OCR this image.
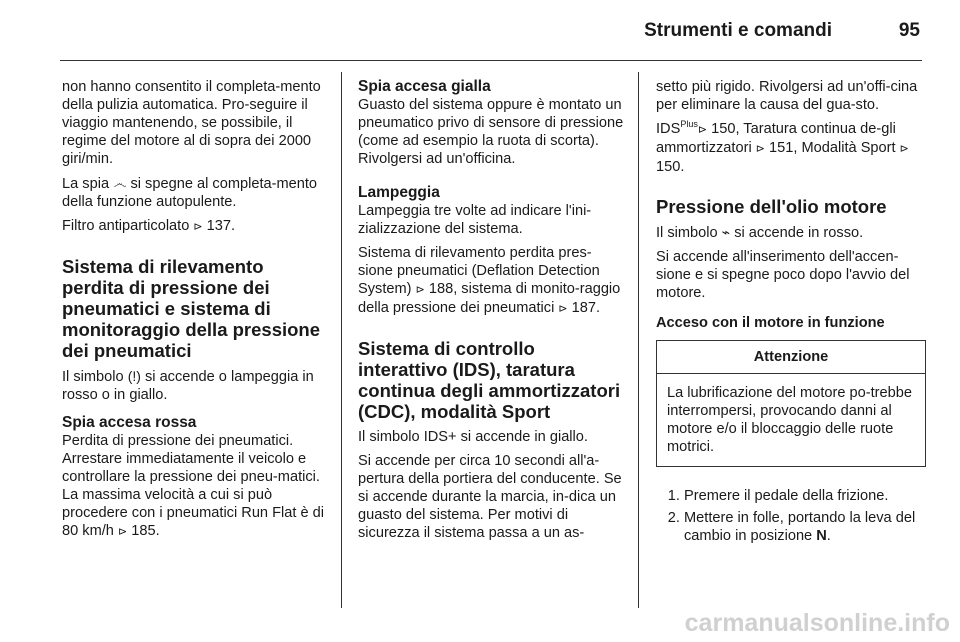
Strumenti e comandi	95

non hanno consentito il completa-mento della pulizia automatica. Pro-seguire il viaggio mantenendo, se possibile, il regime del motore al di sopra dei 2000 giri/min.

La spia ෴ si spegne al completa-mento della funzione autopulente.

Filtro antiparticolato ⊳ 137.

Sistema di rilevamento perdita di pressione dei pneumatici e sistema di monitoraggio della pressione dei pneumatici

Il simbolo (!) si accende o lampeggia in rosso o in giallo.

Spia accesa rossa

Perdita di pressione dei pneumatici. Arrestare immediatamente il veicolo e controllare la pressione dei pneu-matici. La massima velocità a cui si può procedere con i pneumatici Run Flat è di 80 km/h ⊳ 185.

Spia accesa gialla

Guasto del sistema oppure è montato un pneumatico privo di sensore di pressione (come ad esempio la ruota di scorta). Rivolgersi ad un'officina.

Lampeggia

Lampeggia tre volte ad indicare l'ini-zializzazione del sistema.

Sistema di rilevamento perdita pres-sione pneumatici (Deflation Detection System) ⊳ 188, sistema di monito-raggio della pressione dei pneumatici ⊳ 187.

Sistema di controllo interattivo (IDS), taratura continua degli ammortizzatori (CDC), modalità Sport

Il simbolo IDS+ si accende in giallo.

Si accende per circa 10 secondi all'a-pertura della portiera del conducente. Se si accende durante la marcia, in-dica un guasto del sistema. Per motivi di sicurezza il sistema passa a un as-

setto più rigido. Rivolgersi ad un'offi-cina per eliminare la causa del gua-sto.

$IDS^{Plus}⊳$ 150, Taratura continua de-gli ammortizzatori ⊳ 151, Modalità Sport ⊳ 150.

Pressione dell'olio motore

Il simbolo ⌁ si accende in rosso.

Si accende all'inserimento dell'accen-sione e si spegne poco dopo l'avvio del motore.

Acceso con il motore in funzione
Attenzione
La lubrificazione del motore po-trebbe interrompersi, provocando danni al motore e/o il bloccaggio delle ruote motrici.
1. Premere il pedale della frizione.
2. Mettere in folle, portando la leva del cambio in posizione N.
carmanualsonline.info
